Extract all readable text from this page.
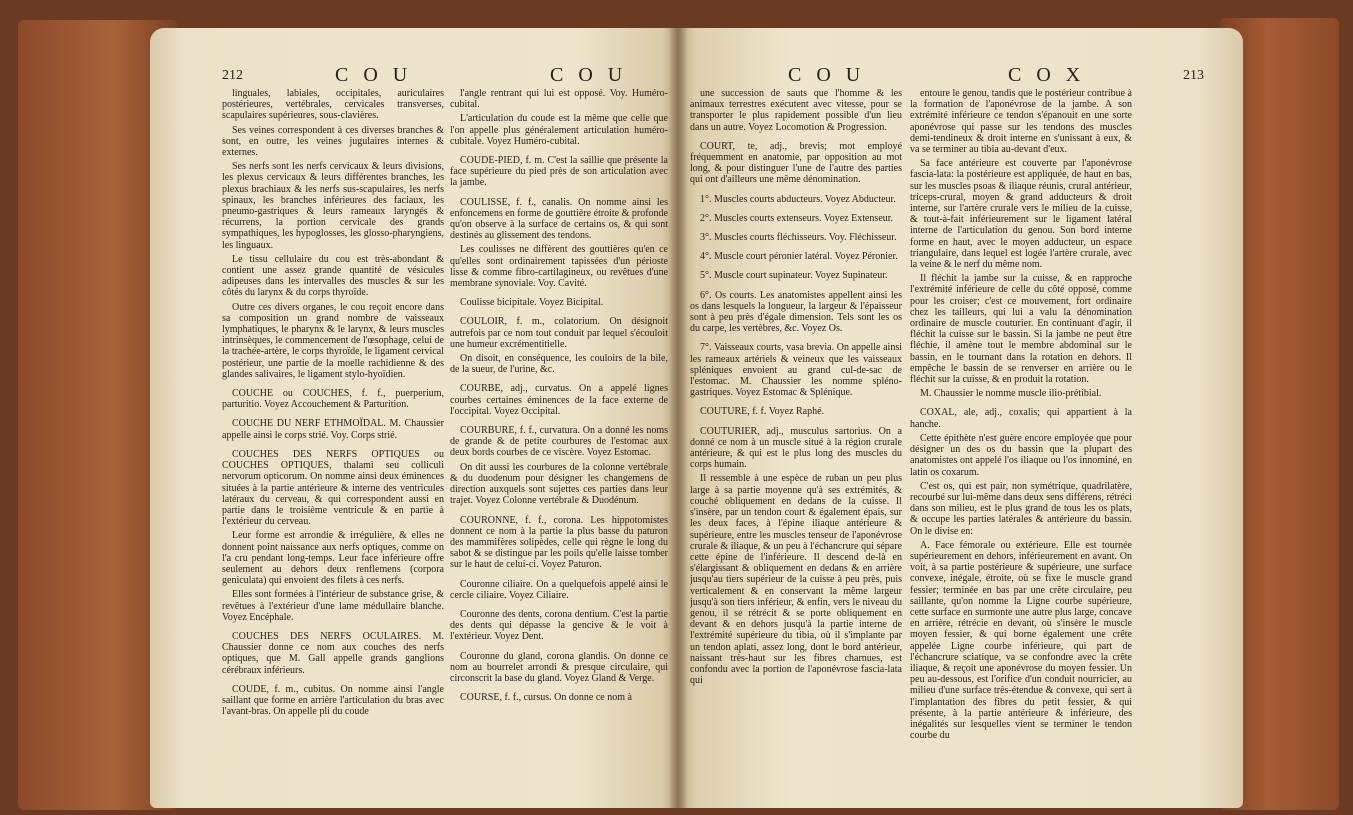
212	C O U	C O U

linguales, labiales, occipitales, auriculaires postérieures, vertébrales, cervicales transverses, scapulaires supérieures, sous-clavières.

Ses veines correspondent à ces diverses branches & sont, en outre, les veines jugulaires internes & externes.

Ses nerfs sont les nerfs cervicaux & leurs divisions, les plexus cervicaux & leurs différentes branches, les plexus brachiaux & les nerfs sus-scapulaires, les nerfs spinaux, les branches inférieures des faciaux, les pneumo-gastriques & leurs rameaux laryngés & récurrens, la portion cervicale des grands sympathiques, les hypoglosses, les glosso-pharyngiens, les linguaux.

Le tissu cellulaire du cou est très-abondant & contient une assez grande quantité de vésicules adipeuses dans les intervalles des muscles & sur les côtés du larynx & du corps thyroïde.

Outre ces divers organes, le cou reçoit encore dans sa composition un grand nombre de vaisseaux lymphatiques, le pharynx & le larynx, & leurs muscles intrinsèques, le commencement de l'œsophage, celui de la trachée-artère, le corps thyroïde, le ligament cervical postérieur, une partie de la moelle rachidienne & des glandes salivaires, le ligament stylo-hyoïdien.

COUCHE ou COUCHES, f. f., puerperium, parturitio. Voyez Accouchement & Parturition.

COUCHE DU NERF ETHMOÏDAL. M. Chaussier appelle ainsi le corps strié. Voy. Corps strié.

COUCHES DES NERFS OPTIQUES ou COUCHES OPTIQUES, thalami seu colliculi nervorum opticorum. On nomme ainsi deux éminences situées à la partie antérieure & interne des ventricules latéraux du cerveau, & qui correspondent aussi en partie dans le troisième ventricule & en partie à l'extérieur du cerveau.

Leur forme est arrondie & irrégulière, & elles ne donnent point naissance aux nerfs optiques, comme on l'a cru pendant long-temps. Leur face inférieure offre seulement au dehors deux renflemens (corpora geniculata) qui envoient des filets à ces nerfs.

Elles sont formées à l'intérieur de substance grise, & revêtues à l'extérieur d'une lame médullaire blanche. Voyez Encéphale.

COUCHES DES NERFS OCULAIRES. M. Chaussier donne ce nom aux couches des nerfs optiques, que M. Gall appelle grands ganglions cérébraux inférieurs.

COUDE, f. m., cubitus. On nomme ainsi l'angle saillant que forme en arrière l'articulation du bras avec l'avant-bras. On appelle pli du coude

l'angle rentrant qui lui est opposé. Voy. Huméro-cubital.

L'articulation du coude est la même que celle que l'on appelle plus généralement articulation huméro-cubitale. Voyez Huméro-cubital.

COUDE-PIED, f. m. C'est la saillie que présente la face supérieure du pied près de son articulation avec la jambe.

COULISSE, f. f., canalis. On nomme ainsi les enfoncemens en forme de gouttière étroite & profonde qu'on observe à la surface de certains os, & qui sont destinés au glissement des tendons.

Les coulisses ne diffèrent des gouttières qu'en ce qu'elles sont ordinairement tapissées d'un périoste lisse & comme fibro-cartilagineux, ou revêtues d'une membrane synoviale. Voy. Cavité.

Coulisse bicipitale. Voyez Bicipital.

COULOIR, f. m., colatorium. On désignoit autrefois par ce nom tout conduit par lequel s'écouloit une humeur excrémentitielle.

On disoit, en conséquence, les couloirs de la bile, de la sueur, de l'urine, &c.

COURBE, adj., curvatus. On a appelé lignes courbes certaines éminences de la face externe de l'occipital. Voyez Occipital.

COURBURE, f. f., curvatura. On a donné les noms de grande & de petite courbures de l'estomac aux deux bords courbes de ce viscère. Voyez Estomac.

On dit aussi les courbures de la colonne vertébrale & du duodenum pour désigner les changemens de direction auxquels sont sujettes ces parties dans leur trajet. Voyez Colonne vertébrale & Duodénum.

COURONNE, f. f., corona. Les hippotomistes donnent ce nom à la partie la plus basse du paturon des mammifères solipèdes, celle qui règne le long du sabot & se distingue par les poils qu'elle laisse tomber sur le haut de celui-ci. Voyez Paturon.

Couronne ciliaire. On a quelquefois appelé ainsi le cercle ciliaire. Voyez Ciliaire.

Couronne des dents, corona dentium. C'est la partie des dents qui dépasse la gencive & le voit à l'extérieur. Voyez Dent.

Couronne du gland, corona glandis. On donne ce nom au bourrelet arrondi & presque circulaire, qui circonscrit la base du gland. Voyez Gland & Verge.

COURSE, f. f., cursus. On donne ce nom à

C O U	C O X	213

une succession de sauts que l'homme & les animaux terrestres exécutent avec vitesse, pour se transporter le plus rapidement possible d'un lieu dans un autre. Voyez Locomotion & Progression.

COURT, te, adj., brevis; mot employé fréquemment en anatomie, par opposition au mot long, & pour distinguer l'une de l'autre des parties qui ont d'ailleurs une même dénomination.

1°. Muscles courts abducteurs. Voyez Abducteur.

2°. Muscles courts extenseurs. Voyez Extenseur.

3°. Muscles courts fléchisseurs. Voy. Fléchisseur.

4°. Muscle court péronier latéral. Voyez Péronier.

5°. Muscle court supinateur. Voyez Supinateur.

6°. Os courts. Les anatomistes appellent ainsi les os dans lesquels la longueur, la largeur & l'épaisseur sont à peu près d'égale dimension. Tels sont les os du carpe, les vertèbres, &c. Voyez Os.

7°. Vaisseaux courts, vasa brevia. On appelle ainsi les rameaux artériels & veineux que les vaisseaux spléniques envoient au grand cul-de-sac de l'estomac. M. Chaussier les nomme spléno-gastriques. Voyez Estomac & Splénique.

COUTURE, f. f. Voyez Raphé.

COUTURIER, adj., musculus sartorius. On a donné ce nom à un muscle situé à la région crurale antérieure, & qui est le plus long des muscles du corps humain.

Il ressemble à une espèce de ruban un peu plus large à sa partie moyenne qu'à ses extrémités, & couché obliquement en dedans de la cuisse. Il s'insère, par un tendon court & également épais, sur les deux faces, à l'épine iliaque antérieure & supérieure, entre les muscles tenseur de l'aponévrose crurale & iliaque, & un peu à l'échancrure qui sépare cette épine de l'inférieure. Il descend de-là en s'élargissant & obliquement en dedans & en arrière jusqu'au tiers supérieur de la cuisse à peu près, puis verticalement & en conservant la même largeur jusqu'à son tiers inférieur, & enfin, vers le niveau du genou, il se rétrécit & se porte obliquement en devant & en dehors jusqu'à la partie interne de l'extrémité supérieure du tibia, où il s'implante par un tendon aplati, assez long, dont le bord antérieur, naissant très-haut sur les fibres charnues, est confondu avec la portion de l'aponévrose fascia-lata qui

entoure le genou, tandis que le postérieur contribue à la formation de l'aponévrose de la jambe. A son extrémité inférieure ce tendon s'épanouit en une sorte aponévrose qui passe sur les tendons des muscles demi-tendineux & droit interne en s'unissant à eux, & va se terminer au tibia au-devant d'eux.

Sa face antérieure est couverte par l'aponévrose fascia-lata: la postérieure est appliquée, de haut en bas, sur les muscles psoas & iliaque réunis, crural antérieur, triceps-crural, moyen & grand adducteurs & droit interne, sur l'artère crurale vers le milieu de la cuisse, & tout-à-fait inférieurement sur le ligament latéral interne de l'articulation du genou. Son bord interne forme en haut, avec le moyen adducteur, un espace triangulaire, dans lequel est logée l'artère crurale, avec la veine & le nerf du même nom.

Il fléchit la jambe sur la cuisse, & en rapproche l'extrémité inférieure de celle du côté opposé, comme pour les croiser; c'est ce mouvement, fort ordinaire chez les tailleurs, qui lui a valu la dénomination ordinaire de muscle couturier. En continuant d'agir, il fléchit la cuisse sur le bassin. Si la jambe ne peut être fléchie, il amène tout le membre abdominal sur le bassin, en le tournant dans la rotation en dehors. Il empêche le bassin de se renverser en arrière ou le fléchit sur la cuisse, & en produit la rotation.

M. Chaussier le nomme muscle ilio-prétibial.

COXAL, ale, adj., coxalis; qui appartient à la hanche.

Cette épithète n'est guère encore employée que pour désigner un des os du bassin que la plupart des anatomistes ont appelé l'os iliaque ou l'os innominé, en latin os coxarum.

C'est os, qui est pair, non symétrique, quadrilatère, recourbé sur lui-même dans deux sens différens, rétréci dans son milieu, est le plus grand de tous les os plats, & occupe les parties latérales & antérieure du bassin. On le divise en:

A. Face fémorale ou extérieure. Elle est tournée supérieurement en dehors, inférieurement en avant. On voit, à sa partie postérieure & supérieure, une surface convexe, inégale, étroite, où se fixe le muscle grand fessier; terminée en bas par une crête circulaire, peu saillante, qu'on nomme la Ligne courbe supérieure, cette surface en surmonte une autre plus large, concave en arrière, rétrécie en devant, où s'insère le muscle moyen fessier, & qui borne également une crête appelée Ligne courbe inférieure, qui part de l'échancrure sciatique, va se confondre avec la crête iliaque, & reçoit une aponévrose du moyen fessier. Un peu au-dessous, est l'orifice d'un conduit nourricier, au milieu d'une surface très-étendue & convexe, qui sert à l'implantation des fibres du petit fessier, & qui présente, à la partie antérieure & inférieure, des inégalités sur lesquelles vient se terminer le tendon courbe du
